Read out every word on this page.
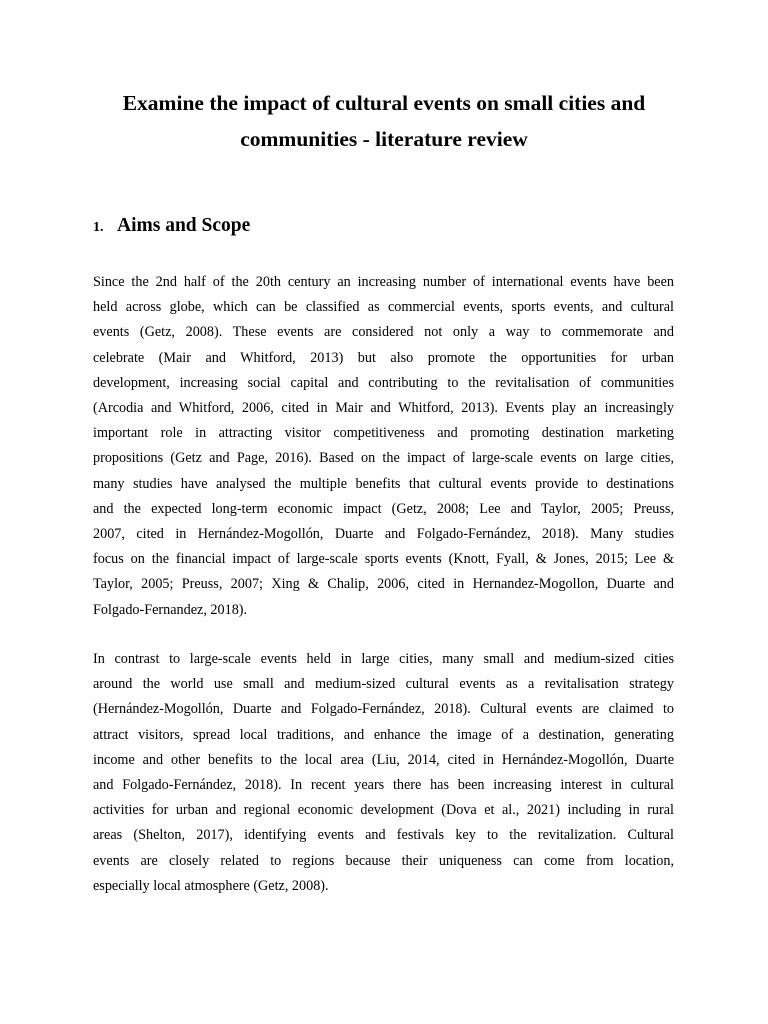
Examine the impact of cultural events on small cities and
communities - literature review
1. Aims and Scope

Since the 2nd half of the 20th century an increasing number of international events have been
held across globe, which can be classified as commercial events, sports events, and cultural
events (Getz, 2008). These events are considered not only a way to commemorate and
celebrate (Mair and Whitford, 2013) but also promote the opportunities for urban
development, increasing social capital and contributing to the revitalisation of communities
(Arcodia and Whitford, 2006, cited in Mair and Whitford, 2013). Events play an increasingly
important role in attracting visitor competitiveness and promoting destination marketing
propositions (Getz and Page, 2016). Based on the impact of large-scale events on large cities,
many studies have analysed the multiple benefits that cultural events provide to destinations
and the expected long-term economic impact (Getz, 2008; Lee and Taylor, 2005; Preuss,
2007, cited in Hernández-Mogollón, Duarte and Folgado-Fernández, 2018). Many studies
focus on the financial impact of large-scale sports events (Knott, Fyall, & Jones, 2015; Lee &
Taylor, 2005; Preuss, 2007; Xing & Chalip, 2006, cited in Hernandez-Mogollon, Duarte and
Folgado-Fernandez, 2018).

In contrast to large-scale events held in large cities, many small and medium-sized cities
around the world use small and medium-sized cultural events as a revitalisation strategy
(Hernández-Mogollón, Duarte and Folgado-Fernández, 2018). Cultural events are claimed to
attract visitors, spread local traditions, and enhance the image of a destination, generating
income and other benefits to the local area (Liu, 2014, cited in Hernández-Mogollón, Duarte
and Folgado-Fernández, 2018). In recent years there has been increasing interest in cultural
activities for urban and regional economic development (Dova et al., 2021) including in rural
areas (Shelton, 2017), identifying events and festivals key to the revitalization. Cultural
events are closely related to regions because their uniqueness can come from location,
especially local atmosphere (Getz, 2008).
